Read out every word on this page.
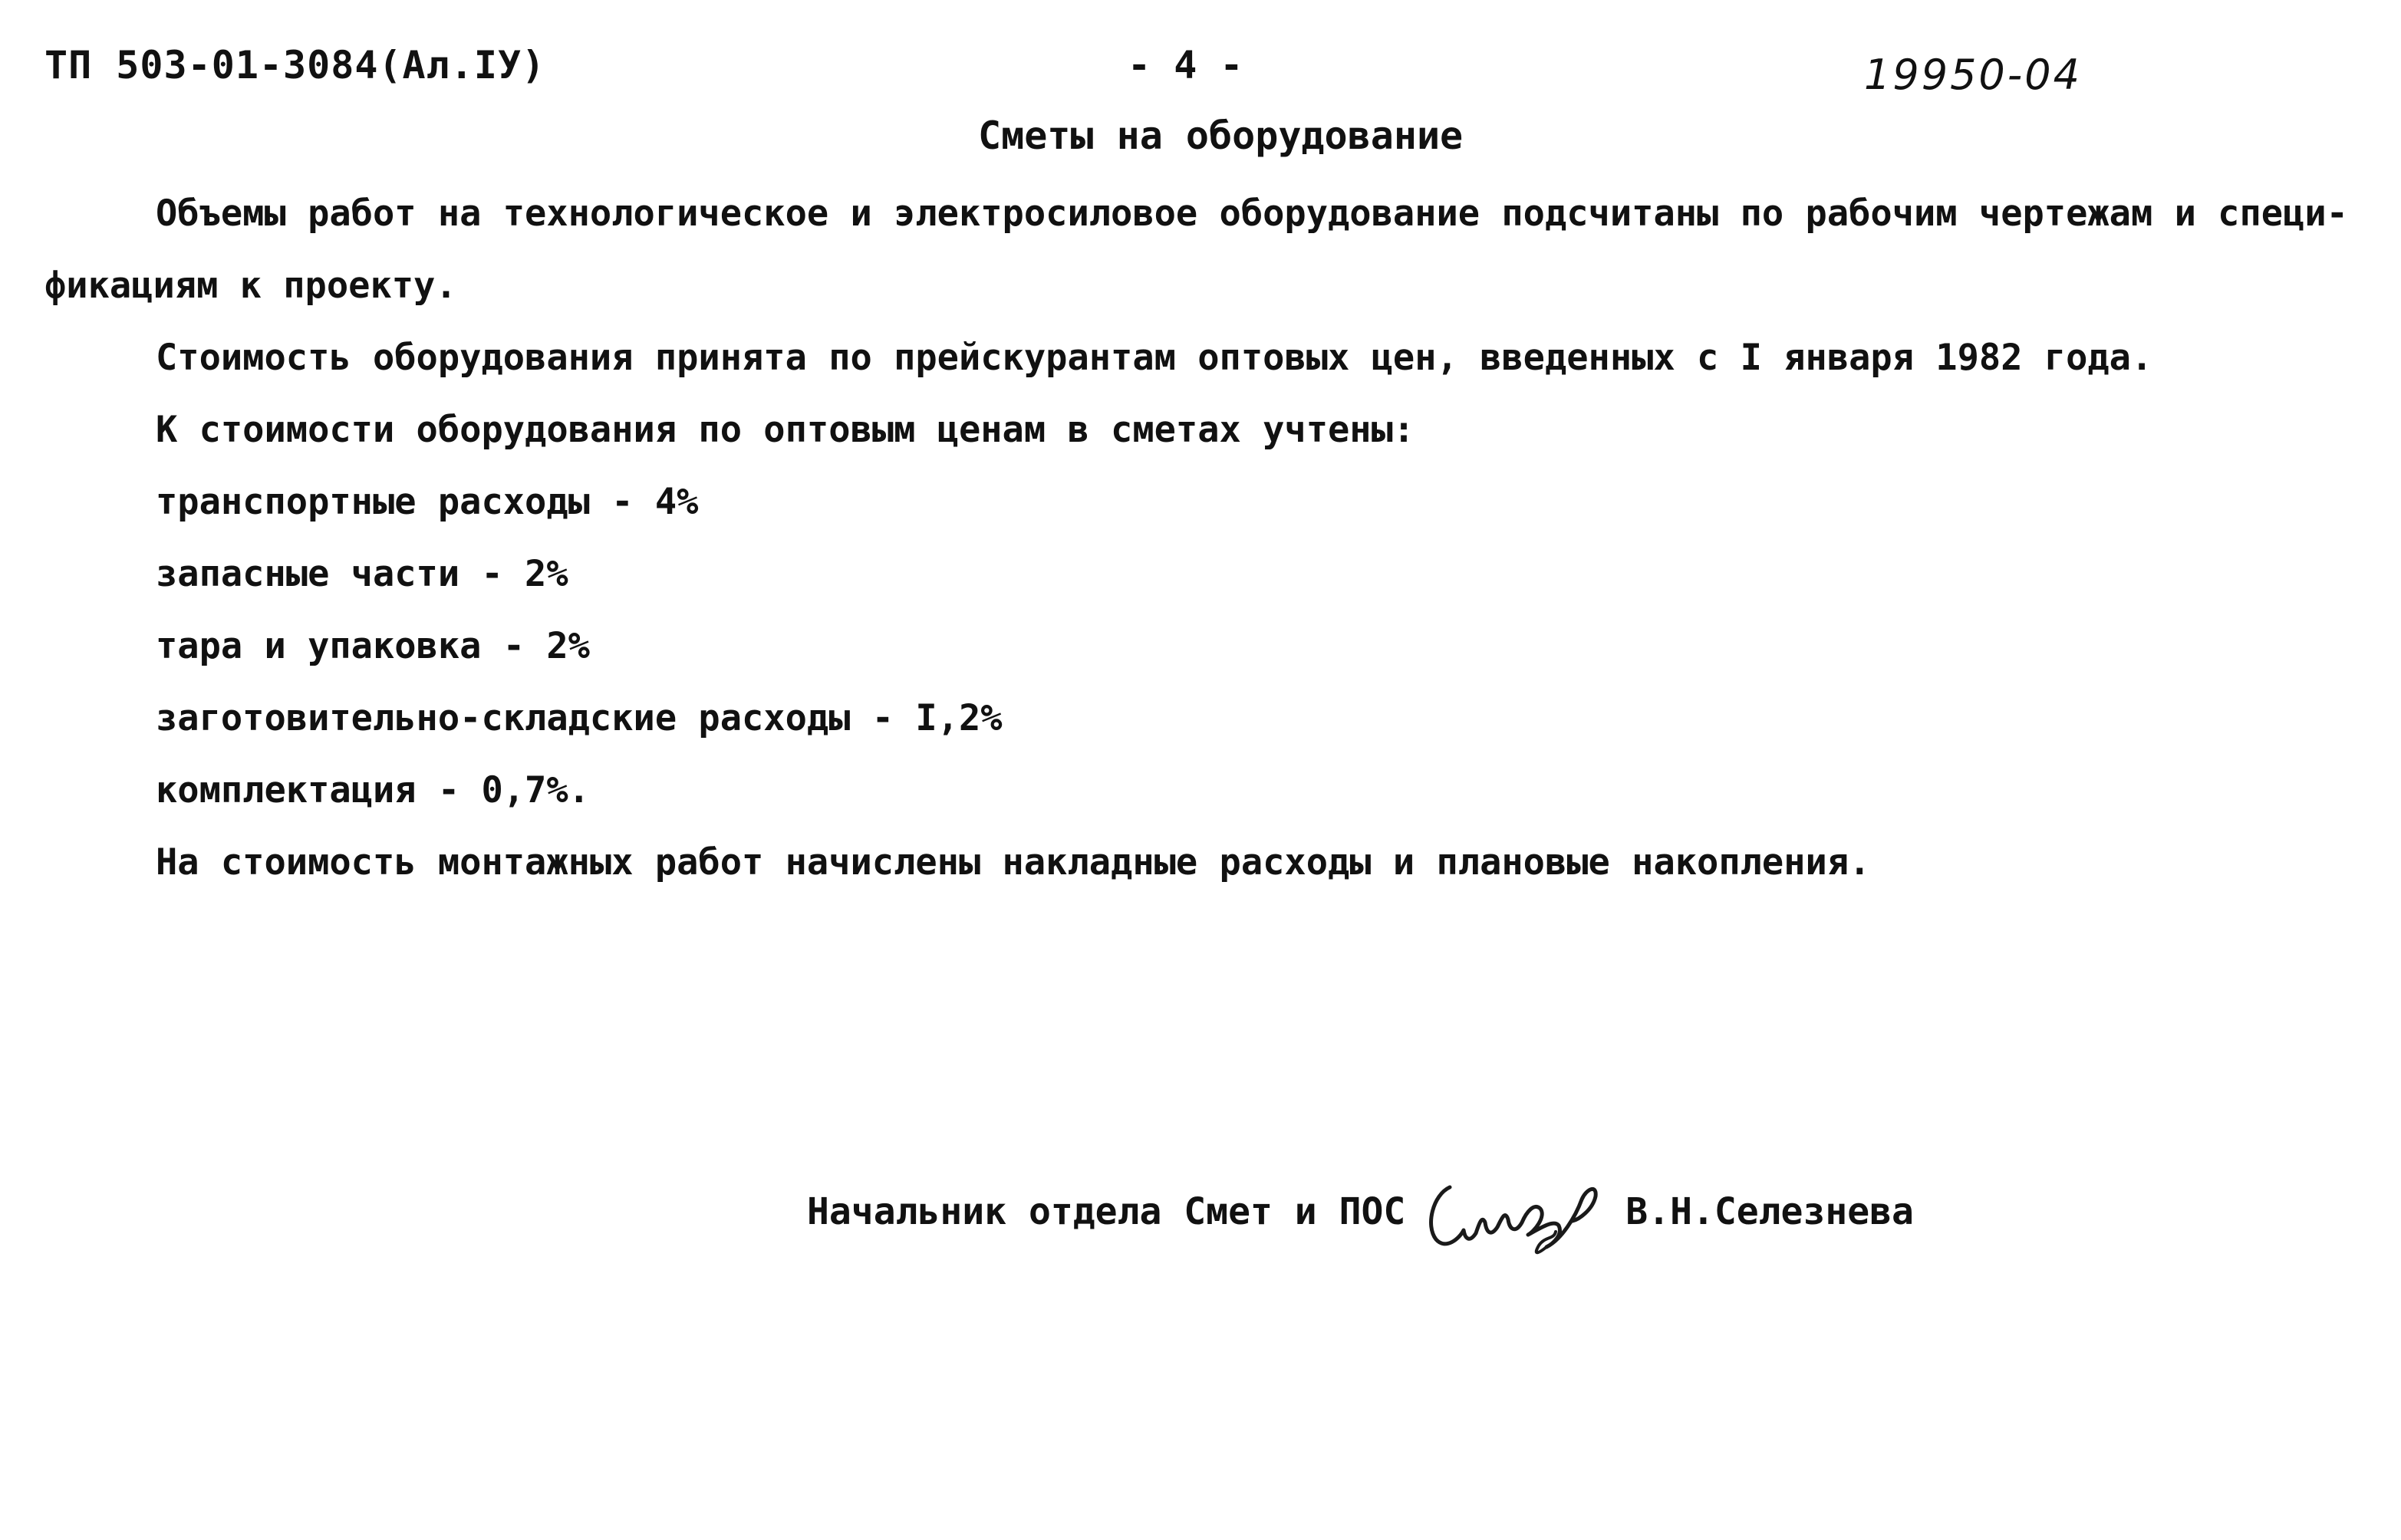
ТП 503-01-3084(Ал.IУ)	- 4 -	19950-04
Сметы на оборудование
Объемы работ на технологическое и электросиловое оборудование подсчитаны по рабочим чертежам и специ-
фикациям к проекту.
Стоимость оборудования принята по прейскурантам оптовых цен, введенных с I января 1982 года.
К стоимости оборудования по оптовым ценам в сметах учтены:
транспортные расходы - 4%
запасные части - 2%
тара и упаковка - 2%
заготовительно-складские расходы - I,2%
комплектация - 0,7%.
На стоимость монтажных работ начислены накладные расходы и плановые накопления.
Начальник отдела Смет и ПОС	В.Н.Селезнева
